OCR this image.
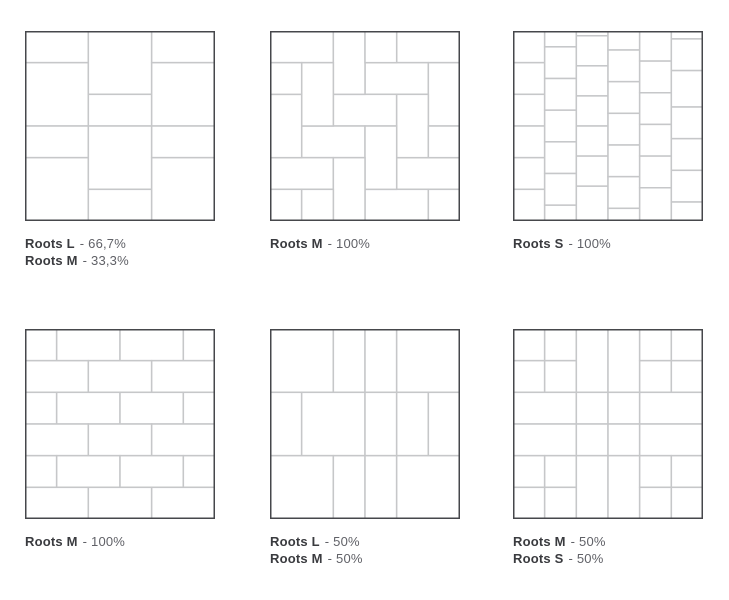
Roots L - 66,7%
Roots M - 33,3%
Roots M - 100%	Roots S - 100%
Roots M - 100%	Roots L - 50%
Roots M - 50%
Roots M - 50%
Roots S - 50%
